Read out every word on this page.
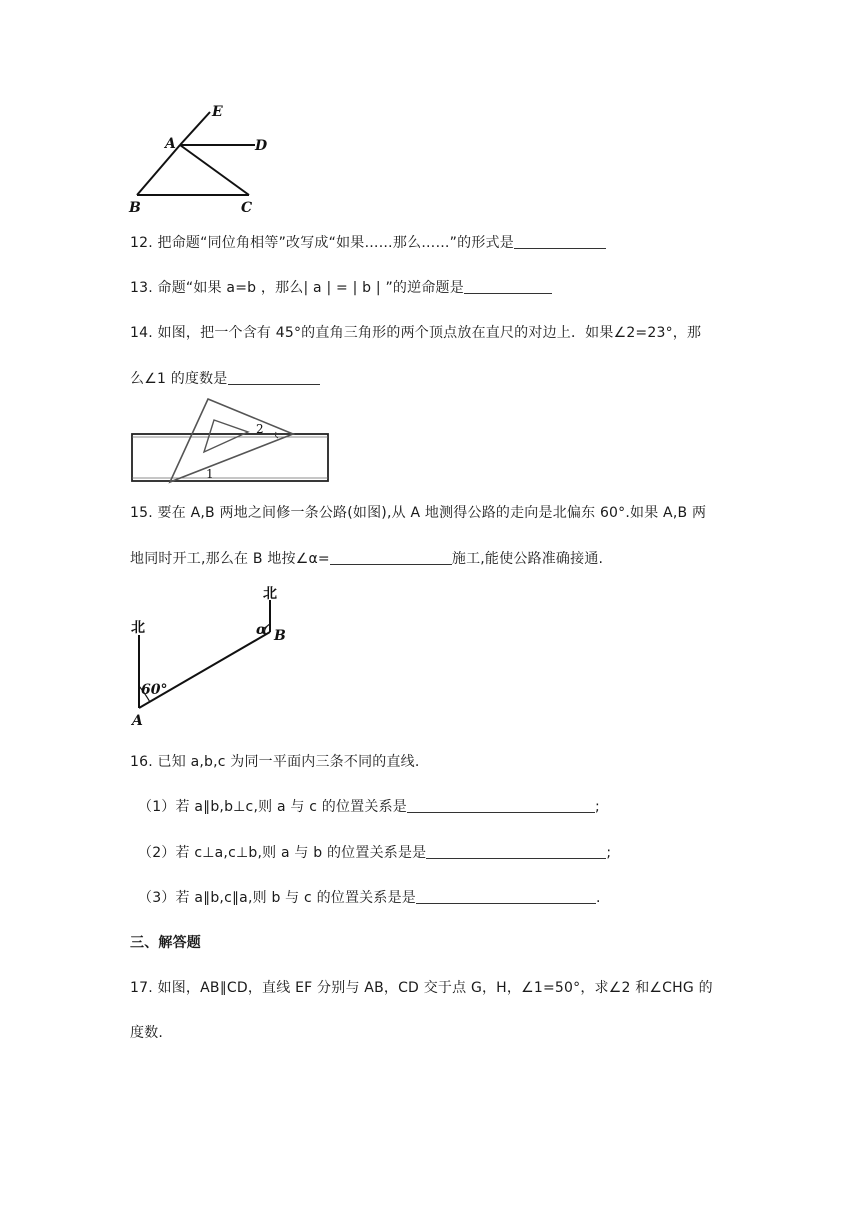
E
A	D
B	C
12. 把命题“同位角相等”改写成“如果……那么……”的形式是
13. 命题“如果 a=b ，那么| a | = | b | ”的逆命题是
14. 如图，把一个含有 45°的直角三角形的两个顶点放在直尺的对边上．如果∠2=23°，那
么∠1 的度数是
2
1
15. 要在 A,B 两地之间修一条公路(如图),从 A 地测得公路的走向是北偏东 60°.如果 A,B 两
地同时开工,那么在 B 地按∠α=	施工,能使公路准确接通.
北
北	α B
60°
A
16. 已知 a,b,c 为同一平面内三条不同的直线.
（1）若 a∥b,b⊥c,则 a 与 c 的位置关系是	;
（2）若 c⊥a,c⊥b,则 a 与 b 的位置关系是是	;
（3）若 a∥b,c∥a,则 b 与 c 的位置关系是是	.
三、解答题
17. 如图，AB∥CD，直线 EF 分别与 AB，CD 交于点 G，H，∠1=50°，求∠2 和∠CHG 的
度数.
